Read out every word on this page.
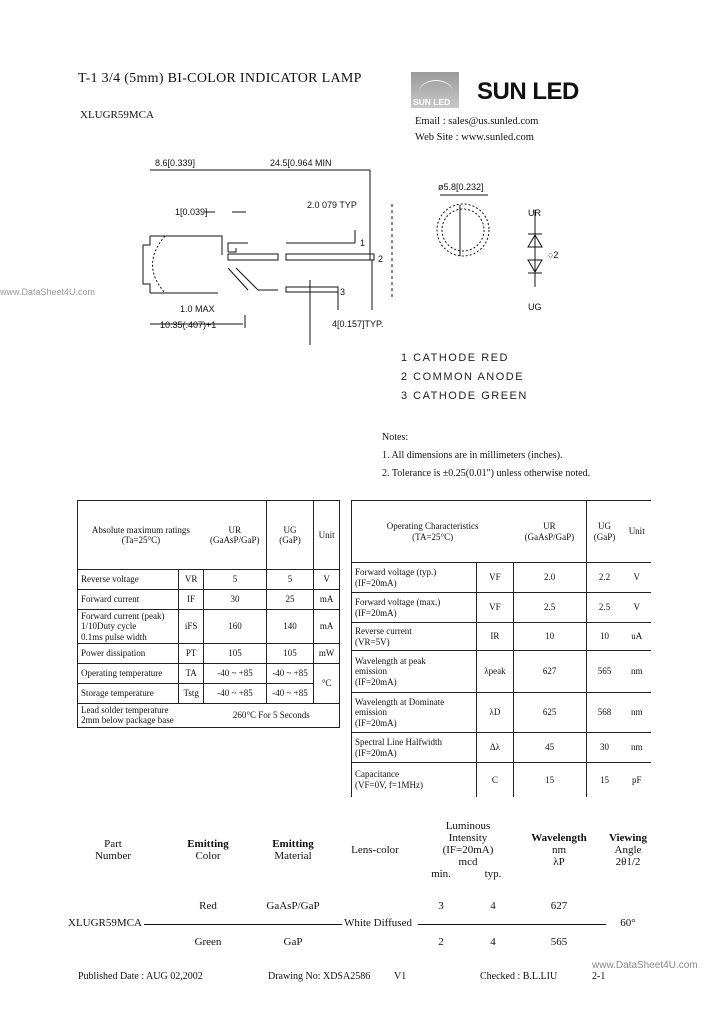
T-1 3/4 (5mm) BI-COLOR INDICATOR LAMP
XLUGR59MCA
SUN LED SUN LED
Email : sales@us.sunled.com
Web Site : www.sunled.com
www.DataSheet4U.com
8.6[0.339]	24.5[0.964 MIN
1[0.039]
2.0 079 TYP
1
2
3
1.0 MAX
10.35(.407)+1	4[0.157]TYP.
ø5.8[0.232]
UR
UG
○2
1 CATHODE RED
2 COMMON ANODE
3 CATHODE GREEN
Notes:
1. All dimensions are in millimeters (inches).
2. Tolerance is ±0.25(0.01") unless otherwise noted.
Absolute maximum ratings
(Ta=25°C)

UR
(GaAsP/GaP)

UG
(GaP)
	Unit
Reverse voltage	VR	5	5	V
Forward current	IF	30	25	mA

Forward current (peak)
1/10Duty cycle
0.1ms pulse width	iFS	160	140	mA
Power dissipation	PT	105	105	mW
Operating temperature	TA	-40 ~ +85	-40 ~ +85	°C
Storage temperature	Tstg	-40 ~ +85	-40 ~ +85	

Lead solder temperature
2mm below package base		260°C For 5 Seconds		
Operating Characteristics
(TA=25°C)

UR
(GaAsP/GaP)

UG
(GaP)
	Unit

Forward voltage (typ.)
(IF=20mA)	VF	2.0	2.2	V

Forward voltage (max.)
(IF=20mA)	VF	2.5	2.5	V

Reverse current
(VR=5V)	IR	10	10	uA

Wavelength at peak
emission
(IF=20mA)	λpeak	627	565	nm

Wavelength at Dominate
emission
(IF=20mA)	λD	625	568	nm

Spectral Line Halfwidth
(IF=20mA)	Δλ	45	30	nm

Capacitance
(VF=0V, f=1MHz)	C	15	15	pF
Part
Number
Emitting
Color
Emitting
Material
Lens-color
Luminous
Intensity
(IF=20mA)
mcd
min.	typ.
Wavelength
nm
λP
Viewing
Angle
2θ1/2
Red	GaAsP/GaP	3	4	627
XLUGR59MCA	White Diffused	60°
Green	GaP	2	4	565
www.DataSheet4U.com
Published Date : AUG 02,2002	Drawing No: XDSA2586 V1	Checked : B.L.LIU	2-1
